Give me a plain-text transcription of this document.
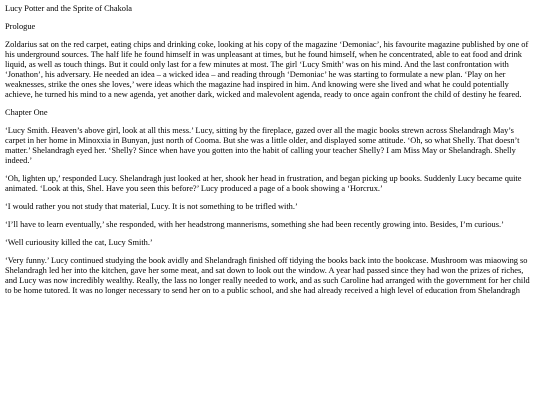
Lucy Potter and the Sprite of Chakola
Prologue

Zoldarius sat on the red carpet, eating chips and drinking coke, looking at his copy of the magazine ‘Demoniac’, his favourite magazine published by one of his underground sources. The half life he found himself in was unpleasant at times, but he found himself, when he concentrated, able to eat food and drink liquid, as well as touch things. But it could only last for a few minutes at most. The girl ‘Lucy Smith’ was on his mind. And the last confrontation with ‘Jonathon’, his adversary. He needed an idea – a wicked idea – and reading through ‘Demoniac’ he was starting to formulate a new plan. ‘Play on her weaknesses, strike the ones she loves,’ were ideas which the magazine had inspired in him. And knowing were she lived and what he could potentially achieve, he turned his mind to a new agenda, yet another dark, wicked and malevolent agenda, ready to once again confront the child of destiny he feared.

Chapter One

‘Lucy Smith. Heaven’s above girl, look at all this mess.’ Lucy, sitting by the fireplace, gazed over all the magic books strewn across Shelandragh May’s carpet in her home in Minoxxia in Bunyan, just north of Cooma. But she was a little older, and displayed some attitude. ‘Oh, so what Shelly. That doesn’t matter.’ Shelandragh eyed her. ‘Shelly? Since when have you gotten into the habit of calling your teacher Shelly? I am Miss May or Shelandragh. Shelly indeed.’

‘Oh, lighten up,’ responded Lucy. Shelandragh just looked at her, shook her head in frustration, and began picking up books. Suddenly Lucy became quite animated. ‘Look at this, Shel. Have you seen this before?’ Lucy produced a page of a book showing a ‘Horcrux.’

‘I would rather you not study that material, Lucy. It is not something to be trifled with.’

‘I’ll have to learn eventually,’ she responded, with her headstrong mannerisms, something she had been recently growing into. Besides, I’m curious.’

‘Well curiousity killed the cat, Lucy Smith.’

‘Very funny.’ Lucy continued studying the book avidly and Shelandragh finished off tidying the books back into the bookcase. Mushroom was miaowing so Shelandragh led her into the kitchen, gave her some meat, and sat down to look out the window. A year had passed since they had won the prizes of riches, and Lucy was now incredibly wealthy. Really, the lass no longer really needed to work, and as such Caroline had arranged with the government for her child to be home tutored. It was no longer necessary to send her on to a public school, and she had already received a high level of education from Shelandragh
